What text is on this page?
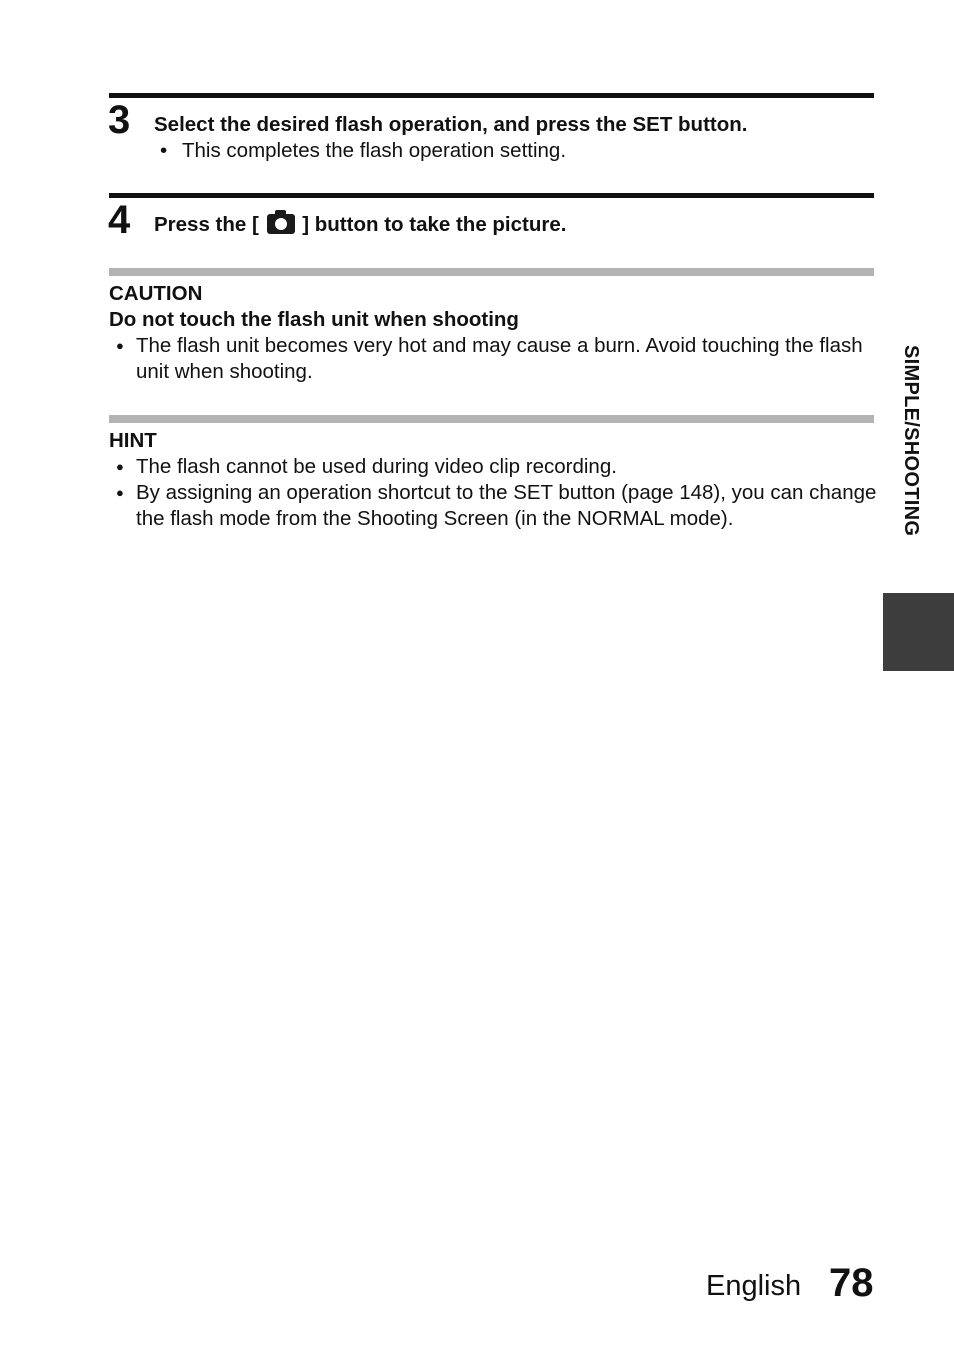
3 Select the desired flash operation, and press the SET button.
• This completes the flash operation setting.
4 Press the [ ] button to take the picture.
CAUTION
Do not touch the flash unit when shooting
● The flash unit becomes very hot and may cause a burn. Avoid touching the flash unit when shooting.
HINT
● The flash cannot be used during video clip recording.
● By assigning an operation shortcut to the SET button (page 148), you can change the flash mode from the Shooting Screen (in the NORMAL mode).	SIMPLE/SHOOTING
English 78
